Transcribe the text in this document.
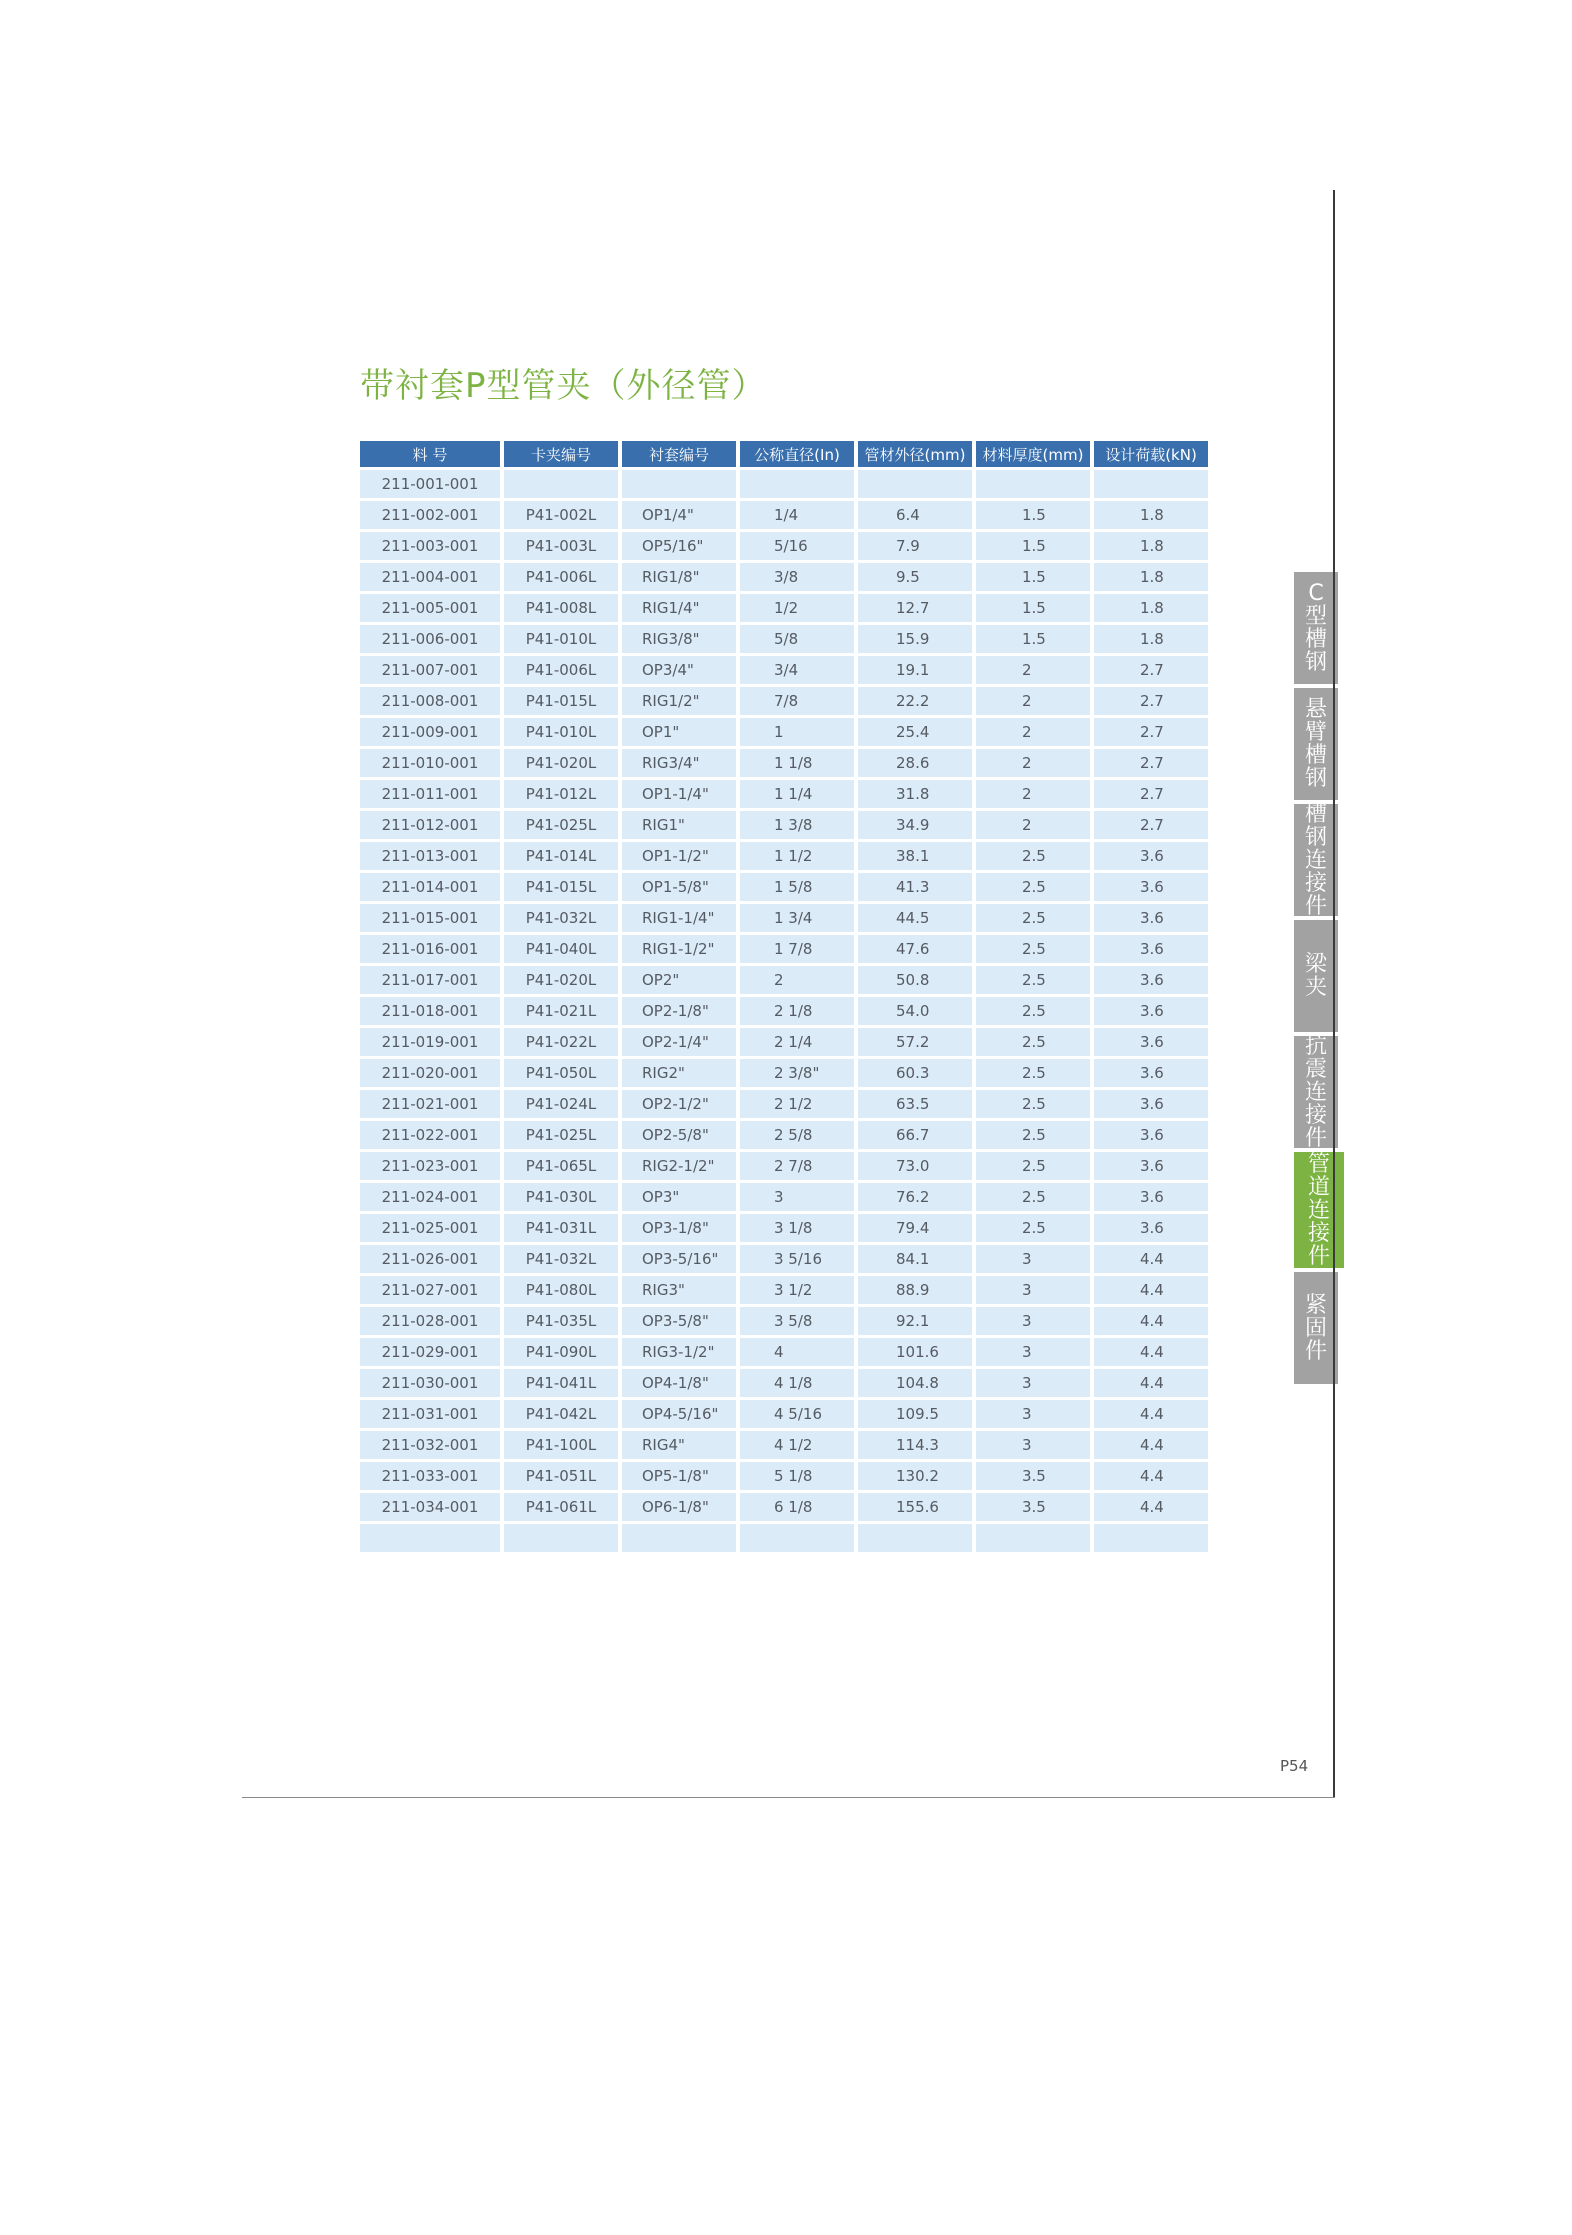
带衬套P型管夹（外径管）
料 号	卡夹编号	衬套编号	公称直径(In)	管材外径(mm)	材料厚度(mm)	设计荷载(kN)
211-001-001						
211-002-001	P41-002L	OP1/4"	1/4	6.4	1.5	1.8
211-003-001	P41-003L	OP5/16"	5/16	7.9	1.5	1.8
211-004-001	P41-006L	RIG1/8"	3/8	9.5	1.5	1.8
211-005-001	P41-008L	RIG1/4"	1/2	12.7	1.5	1.8
211-006-001	P41-010L	RIG3/8"	5/8	15.9	1.5	1.8
211-007-001	P41-006L	OP3/4"	3/4	19.1	2	2.7
211-008-001	P41-015L	RIG1/2"	7/8	22.2	2	2.7
211-009-001	P41-010L	OP1"	1	25.4	2	2.7
211-010-001	P41-020L	RIG3/4"	1 1/8	28.6	2	2.7
211-011-001	P41-012L	OP1-1/4"	1 1/4	31.8	2	2.7
211-012-001	P41-025L	RIG1"	1 3/8	34.9	2	2.7
211-013-001	P41-014L	OP1-1/2"	1 1/2	38.1	2.5	3.6
211-014-001	P41-015L	OP1-5/8"	1 5/8	41.3	2.5	3.6
211-015-001	P41-032L	RIG1-1/4"	1 3/4	44.5	2.5	3.6
211-016-001	P41-040L	RIG1-1/2"	1 7/8	47.6	2.5	3.6
211-017-001	P41-020L	OP2"	2	50.8	2.5	3.6
211-018-001	P41-021L	OP2-1/8"	2 1/8	54.0	2.5	3.6
211-019-001	P41-022L	OP2-1/4"	2 1/4	57.2	2.5	3.6
211-020-001	P41-050L	RIG2"	2 3/8"	60.3	2.5	3.6
211-021-001	P41-024L	OP2-1/2"	2 1/2	63.5	2.5	3.6
211-022-001	P41-025L	OP2-5/8"	2 5/8	66.7	2.5	3.6
211-023-001	P41-065L	RIG2-1/2"	2 7/8	73.0	2.5	3.6
211-024-001	P41-030L	OP3"	3	76.2	2.5	3.6
211-025-001	P41-031L	OP3-1/8"	3 1/8	79.4	2.5	3.6
211-026-001	P41-032L	OP3-5/16"	3 5/16	84.1	3	4.4
211-027-001	P41-080L	RIG3"	3 1/2	88.9	3	4.4
211-028-001	P41-035L	OP3-5/8"	3 5/8	92.1	3	4.4
211-029-001	P41-090L	RIG3-1/2"	4	101.6	3	4.4
211-030-001	P41-041L	OP4-1/8"	4 1/8	104.8	3	4.4
211-031-001	P41-042L	OP4-5/16"	4 5/16	109.5	3	4.4
211-032-001	P41-100L	RIG4"	4 1/2	114.3	3	4.4
211-033-001	P41-051L	OP5-1/8"	5 1/8	130.2	3.5	4.4
211-034-001	P41-061L	OP6-1/8"	6 1/8	155.6	3.5	4.4

C型槽钢
悬臂槽钢
槽钢连接件
梁夹
抗震连接件
管道连接件
紧固件
P54
